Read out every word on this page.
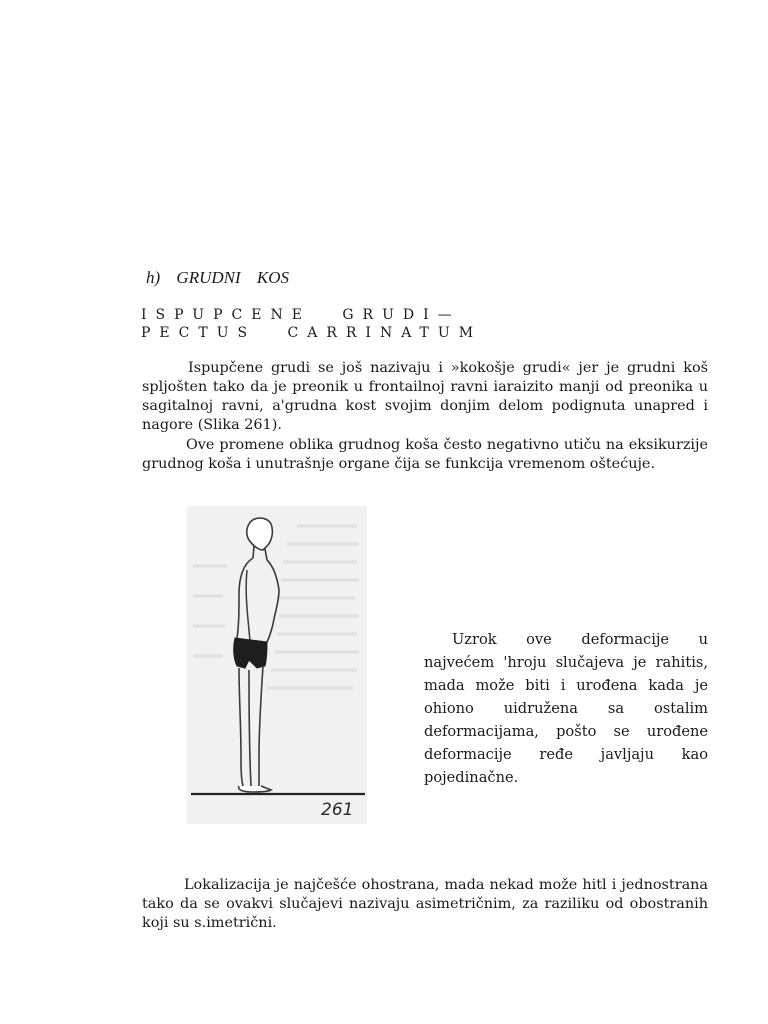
h) GRUDNI KOS
ISPUPCENE GRUDI—
PECTUS CARRINATUM

Ispupčene grudi se još nazivaju i »kokošje grudi« jer je grudni koš spljošten tako da je preonik u frontailnoj ravni iaraizito manji od preonika u sagitalnoj ravni, a'grudna kost svojim donjim delom podignuta unapred i nagore (Slika 261).

Ove promene oblika grudnog koša često negativno utiču na eksikurzije grudnog koša i unutrašnje organe čija se funkcija vremenom oštećuje.

261

Uzrok ove deformacije u najvećem 'hroju slučajeva je rahitis, mada može biti i urođena kada je ohiono uidružena sa ostalim deformacijama, pošto se urođene deformacije ređe javljaju kao pojedinačne.

Lokalizacija je najčešće ohostrana, mada nekad može hitl i jednostrana tako da se ovakvi slučajevi nazivaju asimetričnim, za raziliku od obostranih koji su s.imetrični.
